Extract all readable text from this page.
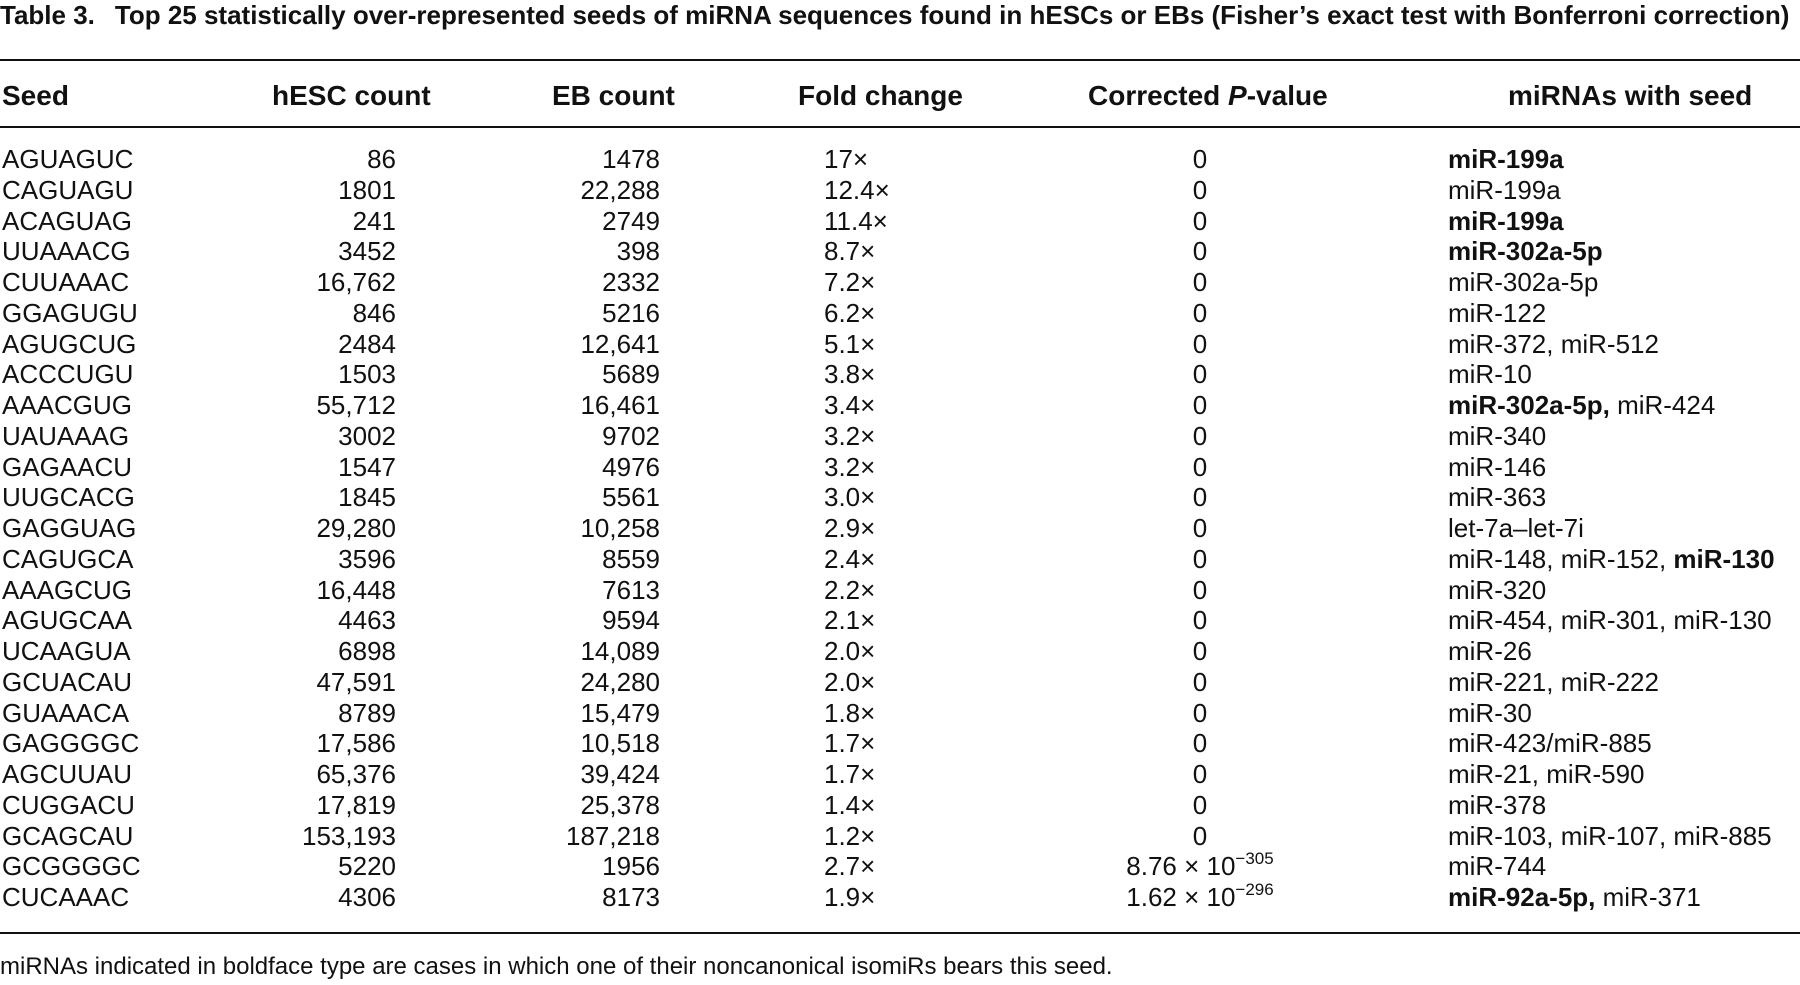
Table 3. Top 25 statistically over-represented seeds of miRNA sequences found in hESCs or EBs (Fisher’s exact test with Bonferroni correction)
Seed	hESC count	EB count	Fold change	Corrected P-value	miRNAs with seed
AGUAGUC	86	1478	17×	0	miR-199a
CAGUAGU	1801	22,288	12.4×	0	miR-199a
ACAGUAG	241	2749	11.4×	0	miR-199a
UUAAACG	3452	398	8.7×	0	miR-302a-5p
CUUAAAC	16,762	2332	7.2×	0	miR-302a-5p
GGAGUGU	846	5216	6.2×	0	miR-122
AGUGCUG	2484	12,641	5.1×	0	miR-372, miR-512
ACCCUGU	1503	5689	3.8×	0	miR-10
AAACGUG	55,712	16,461	3.4×	0	miR-302a-5p, miR-424
UAUAAAG	3002	9702	3.2×	0	miR-340
GAGAACU	1547	4976	3.2×	0	miR-146
UUGCACG	1845	5561	3.0×	0	miR-363
GAGGUAG	29,280	10,258	2.9×	0	let-7a–let-7i
CAGUGCA	3596	8559	2.4×	0	miR-148, miR-152, miR-130
AAAGCUG	16,448	7613	2.2×	0	miR-320
AGUGCAA	4463	9594	2.1×	0	miR-454, miR-301, miR-130
UCAAGUA	6898	14,089	2.0×	0	miR-26
GCUACAU	47,591	24,280	2.0×	0	miR-221, miR-222
GUAAACA	8789	15,479	1.8×	0	miR-30
GAGGGGC	17,586	10,518	1.7×	0	miR-423/miR-885
AGCUUAU	65,376	39,424	1.7×	0	miR-21, miR-590
CUGGACU	17,819	25,378	1.4×	0	miR-378
GCAGCAU	153,193	187,218	1.2×	0	miR-103, miR-107, miR-885
GCGGGGC	5220	1956	2.7×	$8.76 \times 10^{-305}$	miR-744
CUCAAAC	4306	8173	1.9×	$1.62 \times 10^{-296}$	miR-92a-5p, miR-371
miRNAs indicated in boldface type are cases in which one of their noncanonical isomiRs bears this seed.
